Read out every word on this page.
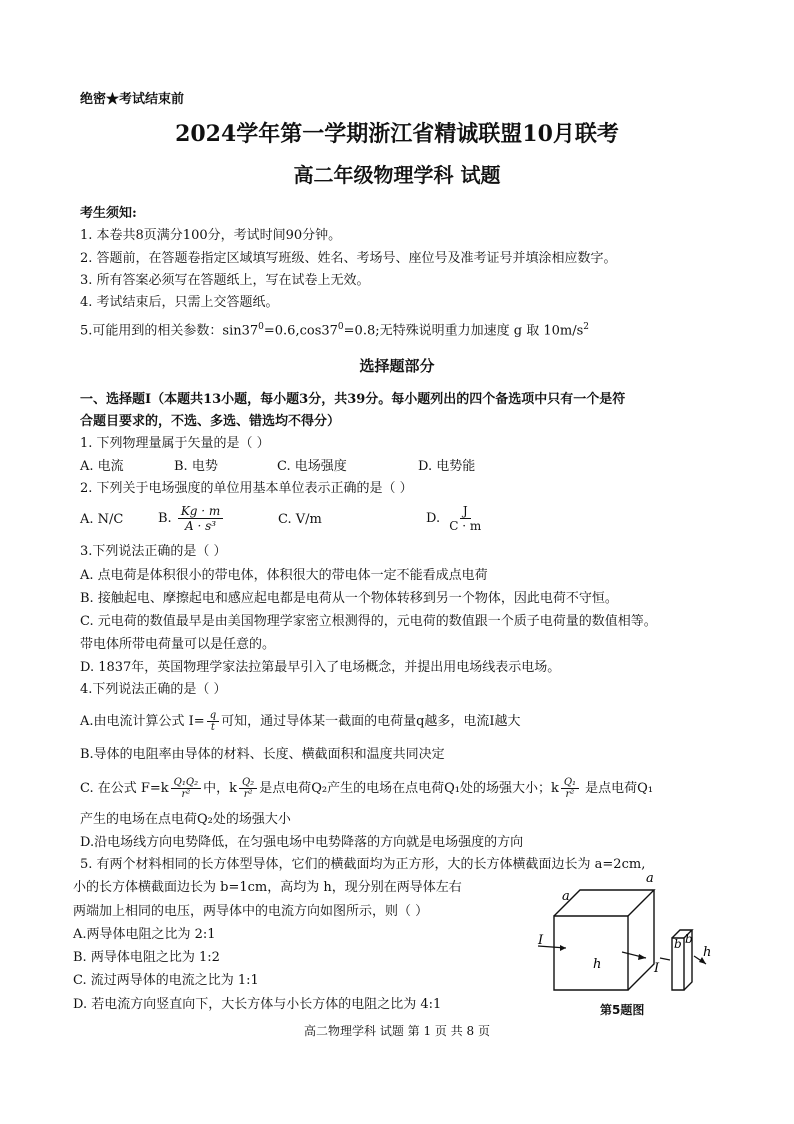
绝密★考试结束前
2024学年第一学期浙江省精诚联盟10月联考
高二年级物理学科 试题
考生须知:
1. 本卷共8页满分100分，考试时间90分钟。
2. 答题前，在答题卷指定区域填写班级、姓名、考场号、座位号及准考证号并填涂相应数字。
3. 所有答案必须写在答题纸上，写在试卷上无效。
4. 考试结束后，只需上交答题纸。
5.可能用到的相关参数：$\sin 37^0=0.6,\cos 37^0=0.8$;无特殊说明重力加速度 g 取 $10m/s^2$
选择题部分
一、选择题Ⅰ（本题共13小题，每小题3分，共39分。每小题列出的四个备选项中只有一个是符
合题目要求的，不选、多选、错选均不得分）
1. 下列物理量属于矢量的是（ ）
A. 电流	B. 电势	C. 电场强度	D. 电势能
2. 下列关于电场强度的单位用基本单位表示正确的是（ ）
A. N/C	B. $\frac{Kg \cdot m}{\text{A · s³}}$	C. V/m	D. $\frac{J}{C \cdot m}$
3.下列说法正确的是（ ）
A. 点电荷是体积很小的带电体，体积很大的带电体一定不能看成点电荷
B. 接触起电、摩擦起电和感应起电都是电荷从一个物体转移到另一个物体，因此电荷不守恒。
C. 元电荷的数值最早是由美国物理学家密立根测得的，元电荷的数值跟一个质子电荷量的数值相等。
带电体所带电荷量可以是任意的。
D. 1837年，英国物理学家法拉第最早引入了电场概念，并提出用电场线表示电场。
4.下列说法正确的是（ ）
A.由电流计算公式 $I= \frac{q}{t}$ 可知，通过导体某一截面的电荷量q越多，电流I越大
B.导体的电阻率由导体的材料、长度、横截面积和温度共同决定
C. 在公式 $F=k \frac{\text{Q₁Q₂}}{\text{r²}}$ 中，k $\frac{\text{Q₂}}{\text{r²}}$ 是点电荷Q₂产生的电场在点电荷Q₁处的场强大小；k $\frac{\text{Q₁}}{\text{r²}}$ 是点电荷Q₁
产生的电场在点电荷Q₂处的场强大小
D.沿电场线方向电势降低，在匀强电场中电势降落的方向就是电场强度的方向
5. 有两个材料相同的长方体型导体，它们的横截面均为正方形，大的长方体横截面边长为 a=2cm,
小的长方体横截面边长为 b=1cm，高均为 h，现分别在两导体左右
两端加上相同的电压，两导体中的电流方向如图所示，则（ ）
A.两导体电阻之比为 2:1
B. 两导体电阻之比为 1:2
C. 流过两导体的电流之比为 1:1
D. 若电流方向竖直向下，大长方体与小长方体的电阻之比为 4:1
a
a
h
I	b b
I
h
第5题图
高二物理学科 试题 第 1 页 共 8 页
